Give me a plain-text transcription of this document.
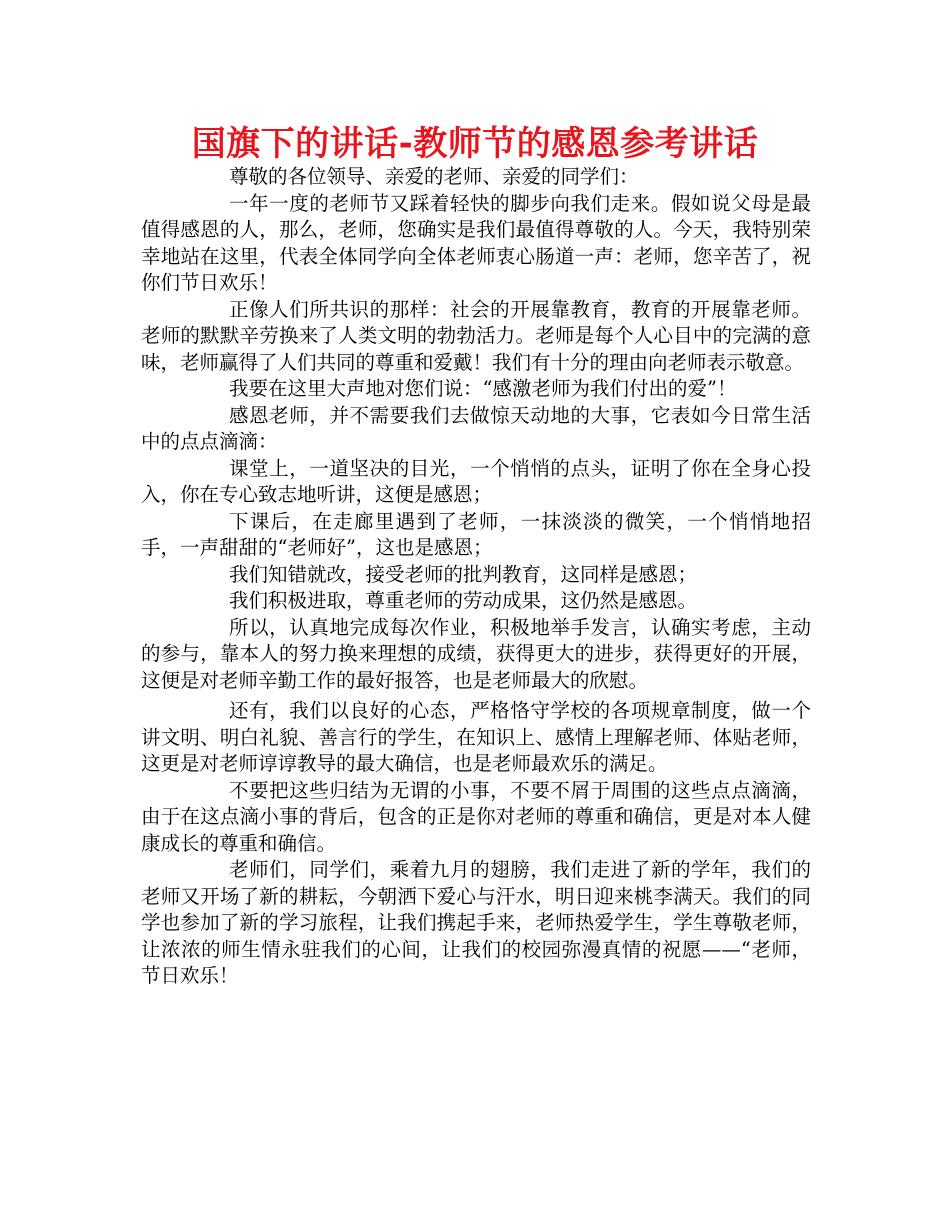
国旗下的讲话-教师节的感恩参考讲话

尊敬的各位领导、亲爱的老师、亲爱的同学们：

一年一度的老师节又踩着轻快的脚步向我们走来。假如说父母是最值得感恩的人，那么，老师，您确实是我们最值得尊敬的人。今天，我特别荣幸地站在这里，代表全体同学向全体老师衷心肠道一声：老师，您辛苦了，祝你们节日欢乐！

正像人们所共识的那样：社会的开展靠教育，教育的开展靠老师。老师的默默辛劳换来了人类文明的勃勃活力。老师是每个人心目中的完满的意味，老师赢得了人们共同的尊重和爱戴！我们有十分的理由向老师表示敬意。

我要在这里大声地对您们说：“感激老师为我们付出的爱”！

感恩老师，并不需要我们去做惊天动地的大事，它表如今日常生活中的点点滴滴：

课堂上，一道坚决的目光，一个悄悄的点头，证明了你在全身心投入，你在专心致志地听讲，这便是感恩；

下课后，在走廊里遇到了老师，一抹淡淡的微笑，一个悄悄地招手，一声甜甜的“老师好”，这也是感恩；

我们知错就改，接受老师的批判教育，这同样是感恩；

我们积极进取，尊重老师的劳动成果，这仍然是感恩。

所以，认真地完成每次作业，积极地举手发言，认确实考虑，主动的参与，靠本人的努力换来理想的成绩，获得更大的进步，获得更好的开展，这便是对老师辛勤工作的最好报答，也是老师最大的欣慰。

还有，我们以良好的心态，严格恪守学校的各项规章制度，做一个讲文明、明白礼貌、善言行的学生，在知识上、感情上理解老师、体贴老师，这更是对老师谆谆教导的最大确信，也是老师最欢乐的满足。

不要把这些归结为无谓的小事，不要不屑于周围的这些点点滴滴，由于在这点滴小事的背后，包含的正是你对老师的尊重和确信，更是对本人健康成长的尊重和确信。

老师们，同学们，乘着九月的翅膀，我们走进了新的学年，我们的老师又开场了新的耕耘，今朝洒下爱心与汗水，明日迎来桃李满天。我们的同学也参加了新的学习旅程，让我们携起手来，老师热爱学生，学生尊敬老师，让浓浓的师生情永驻我们的心间，让我们的校园弥漫真情的祝愿——“老师，节日欢乐！
